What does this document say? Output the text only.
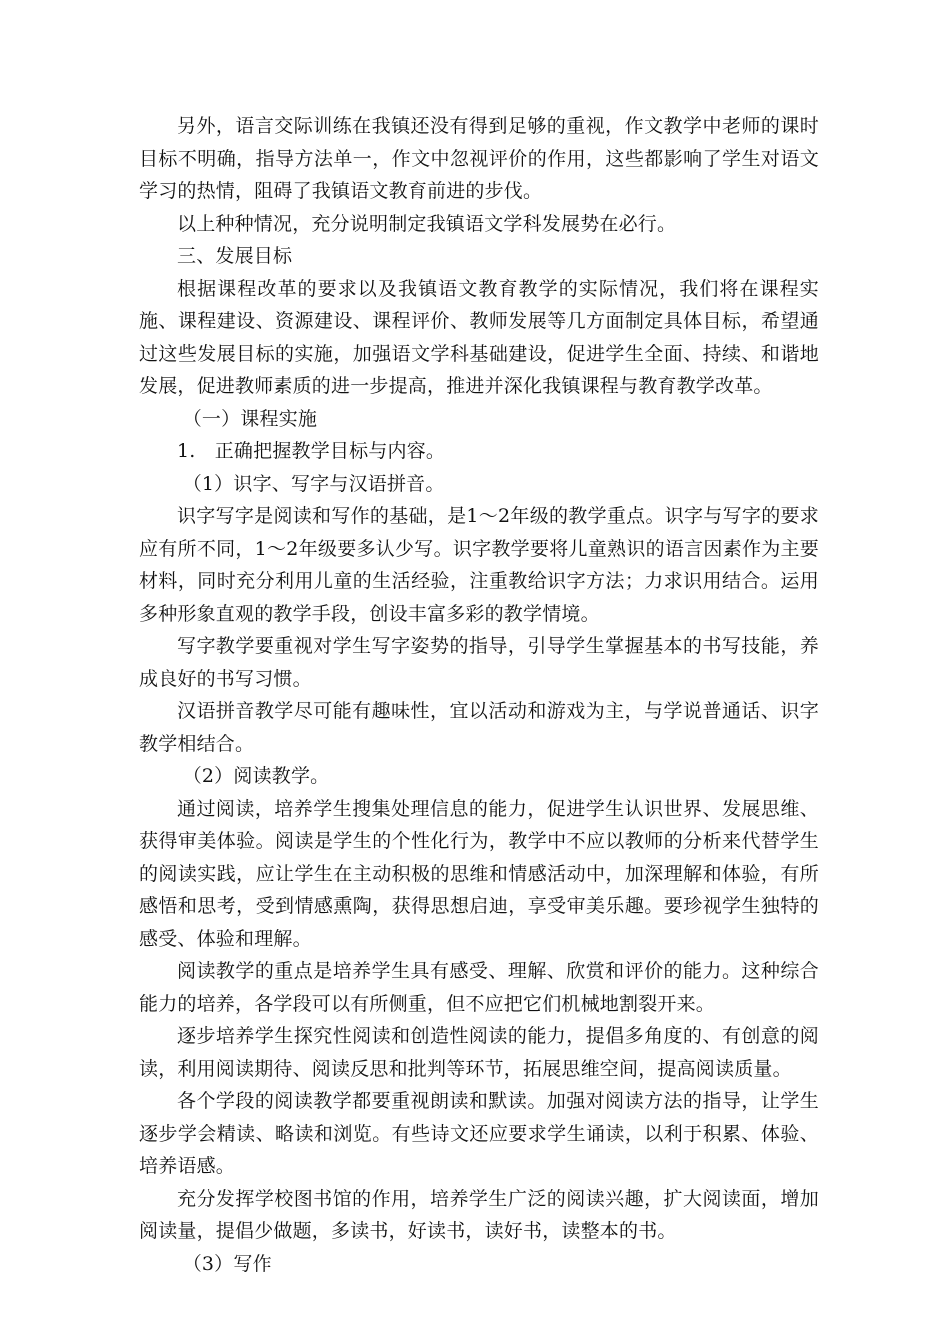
另外，语言交际训练在我镇还没有得到足够的重视，作文教学中老师的课时目标不明确，指导方法单一，作文中忽视评价的作用，这些都影响了学生对语文学习的热情，阻碍了我镇语文教育前进的步伐。

以上种种情况，充分说明制定我镇语文学科发展势在必行。

三、发展目标

根据课程改革的要求以及我镇语文教育教学的实际情况，我们将在课程实施、课程建设、资源建设、课程评价、教师发展等几方面制定具体目标，希望通过这些发展目标的实施，加强语文学科基础建设，促进学生全面、持续、和谐地发展，促进教师素质的进一步提高，推进并深化我镇课程与教育教学改革。

（一）课程实施

1.　正确把握教学目标与内容。

（1）识字、写字与汉语拼音。

识字写字是阅读和写作的基础，是1～2年级的教学重点。识字与写字的要求应有所不同，1～2年级要多认少写。识字教学要将儿童熟识的语言因素作为主要材料，同时充分利用儿童的生活经验，注重教给识字方法；力求识用结合。运用多种形象直观的教学手段，创设丰富多彩的教学情境。

写字教学要重视对学生写字姿势的指导，引导学生掌握基本的书写技能，养成良好的书写习惯。

汉语拼音教学尽可能有趣味性，宜以活动和游戏为主，与学说普通话、识字教学相结合。

（2）阅读教学。

通过阅读，培养学生搜集处理信息的能力，促进学生认识世界、发展思维、获得审美体验。阅读是学生的个性化行为，教学中不应以教师的分析来代替学生的阅读实践，应让学生在主动积极的思维和情感活动中，加深理解和体验，有所感悟和思考，受到情感熏陶，获得思想启迪，享受审美乐趣。要珍视学生独特的感受、体验和理解。

阅读教学的重点是培养学生具有感受、理解、欣赏和评价的能力。这种综合能力的培养，各学段可以有所侧重，但不应把它们机械地割裂开来。

逐步培养学生探究性阅读和创造性阅读的能力，提倡多角度的、有创意的阅读，利用阅读期待、阅读反思和批判等环节，拓展思维空间，提高阅读质量。

各个学段的阅读教学都要重视朗读和默读。加强对阅读方法的指导，让学生逐步学会精读、略读和浏览。有些诗文还应要求学生诵读，以利于积累、体验、培养语感。

充分发挥学校图书馆的作用，培养学生广泛的阅读兴趣，扩大阅读面，增加阅读量，提倡少做题，多读书，好读书，读好书，读整本的书。

（3）写作
